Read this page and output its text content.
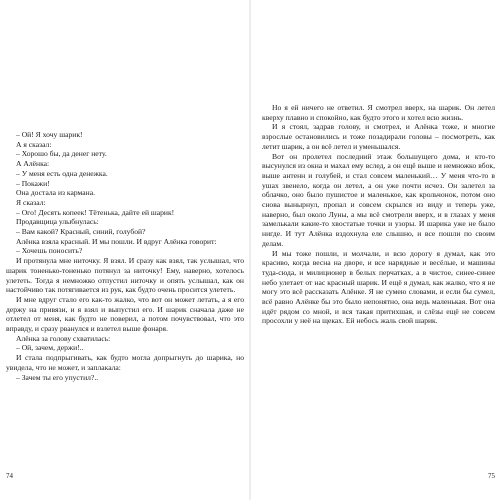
– Ой! Я хочу шарик!

А я сказал:

– Хорошо бы, да денег нету.

А Алёнка:

– У меня есть одна денежка.

– Покажи!

Она достала из кармана.

Я сказал:

– Ого! Десять копеек! Тётенька, дайте ей шарик!

Продавщица улыбнулась:

– Вам какой? Красный, синий, голубой?

Алёнка взяла красный. И мы пошли. И вдруг Алёнка говорит:

– Хочешь поносить?

И протянула мне ниточку. Я взял. И сразу как взял, так услышал, что шарик тоненько-тоненько потянул за ниточку! Ему, наверно, хотелось улететь. Тогда я немножко отпустил ниточку и опять услышал, как он настойчиво так потягивается из рук, как будто очень просится улететь.

И мне вдруг стало его как-то жалко, что вот он может летать, а я его держу на привязи, и я взял и выпустил его. И шарик сначала даже не отлетел от меня, как будто не поверил, а потом почувствовал, что это вправду, и сразу рванулся и взлетел выше фонаря.

Алёнка за голову схватилась:

– Ой, зачем, держи!..

И стала подпрыгивать, как будто могла допрыгнуть до шарика, но увидела, что не может, и заплакала:

– Зачем ты его упустил?..

74

Но я ей ничего не ответил. Я смотрел вверх, на шарик. Он летел кверху плавно и спокойно, как будто этого и хотел всю жизнь.

И я стоял, задрав голову, и смотрел, и Алёнка тоже, и многие взрослые остановились и тоже позадирали головы – посмотреть, как летит шарик, а он всё летел и уменьшался.

Вот он пролетел последний этаж большущего дома, и кто-то высунулся из окна и махал ему вслед, а он ещё выше и немножко вбок, выше антенн и голубей, и стал совсем маленький… У меня что-то в ушах звенело, когда он летел, а он уже почти исчез. Он залетел за облачко, оно было пушистое и маленькое, как крольчонок, потом оно снова вынырнул, пропал и совсем скрылся из виду и теперь уже, наверно, был около Луны, а мы всё смотрели вверх, и в глазах у меня замелькали какие-то хвостатые точки и узоры. И шарика уже не было нигде. И тут Алёнка вздохнула еле слышно, и все пошли по своим делам.

И мы тоже пошли, и молчали, и всю дорогу я думал, как это красиво, когда весна на дворе, и все нарядные и весёлые, и машины туда-сюда, и милиционер в белых перчатках, а в чистое, синее-синее небо улетает от нас красный шарик. И ещё я думал, как жалко, что я не могу это всё рассказать Алёнке. Я не сумею словами, и если бы сумел, всё равно Алёнке бы это было непонятно, она ведь маленькая. Вот она идёт рядом со мной, и вся такая притихшая, и слёзы ещё не совсем просохли у неё на щеках. Ей небось жаль свой шарик.

75
